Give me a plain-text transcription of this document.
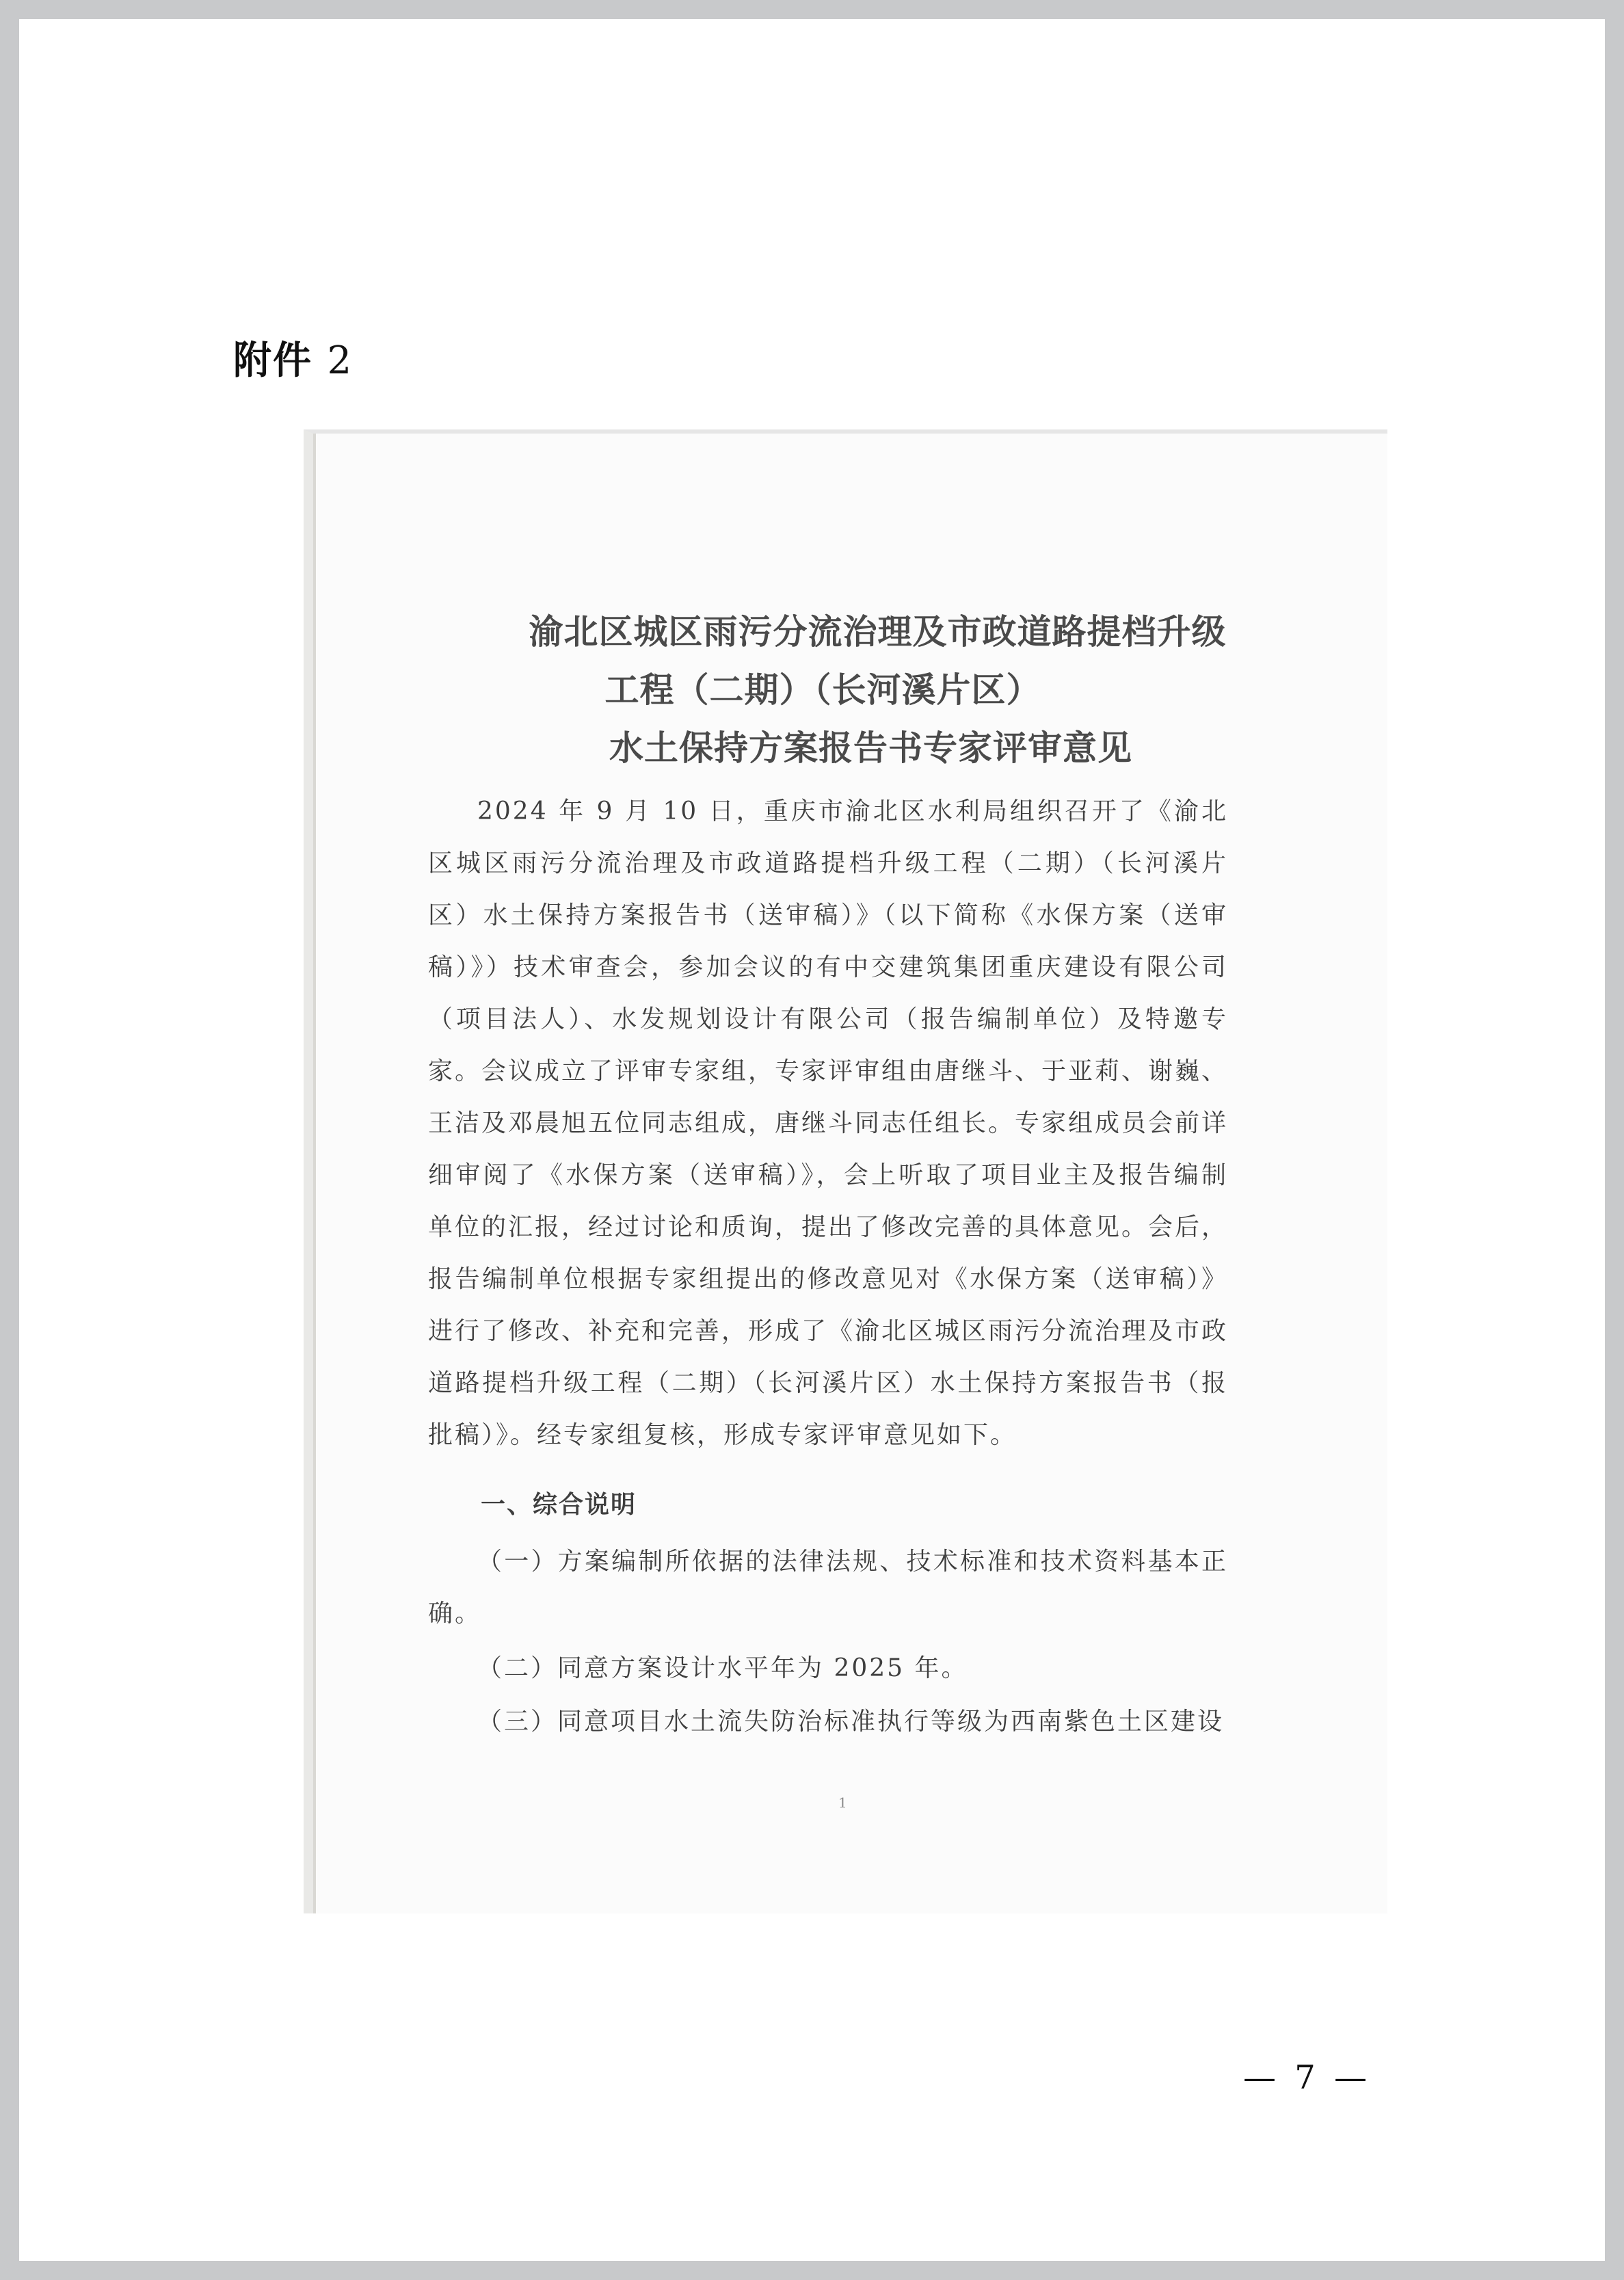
附件 2
渝北区城区雨污分流治理及市政道路提档升级
工程（二期）（长河溪片区）
水土保持方案报告书专家评审意见

2024 年 9 月 10 日，重庆市渝北区水利局组织召开了《渝北区城区雨污分流治理及市政道路提档升级工程（二期）（长河溪片区）水土保持方案报告书（送审稿）》（以下简称《水保方案（送审稿）》）技术审查会，参加会议的有中交建筑集团重庆建设有限公司（项目法人）、水发规划设计有限公司（报告编制单位）及特邀专家。会议成立了评审专家组，专家评审组由唐继斗、于亚莉、谢巍、王洁及邓晨旭五位同志组成，唐继斗同志任组长。专家组成员会前详细审阅了《水保方案（送审稿）》，会上听取了项目业主及报告编制单位的汇报，经过讨论和质询，提出了修改完善的具体意见。会后，报告编制单位根据专家组提出的修改意见对《水保方案（送审稿）》进行了修改、补充和完善，形成了《渝北区城区雨污分流治理及市政道路提档升级工程（二期）（长河溪片区）水土保持方案报告书（报批稿）》。经专家组复核，形成专家评审意见如下。

一、综合说明

（一）方案编制所依据的法律法规、技术标准和技术资料基本正确。

（二）同意方案设计水平年为 2025 年。

（三）同意项目水土流失防治标准执行等级为西南紫色土区建设

1
— 7 —
